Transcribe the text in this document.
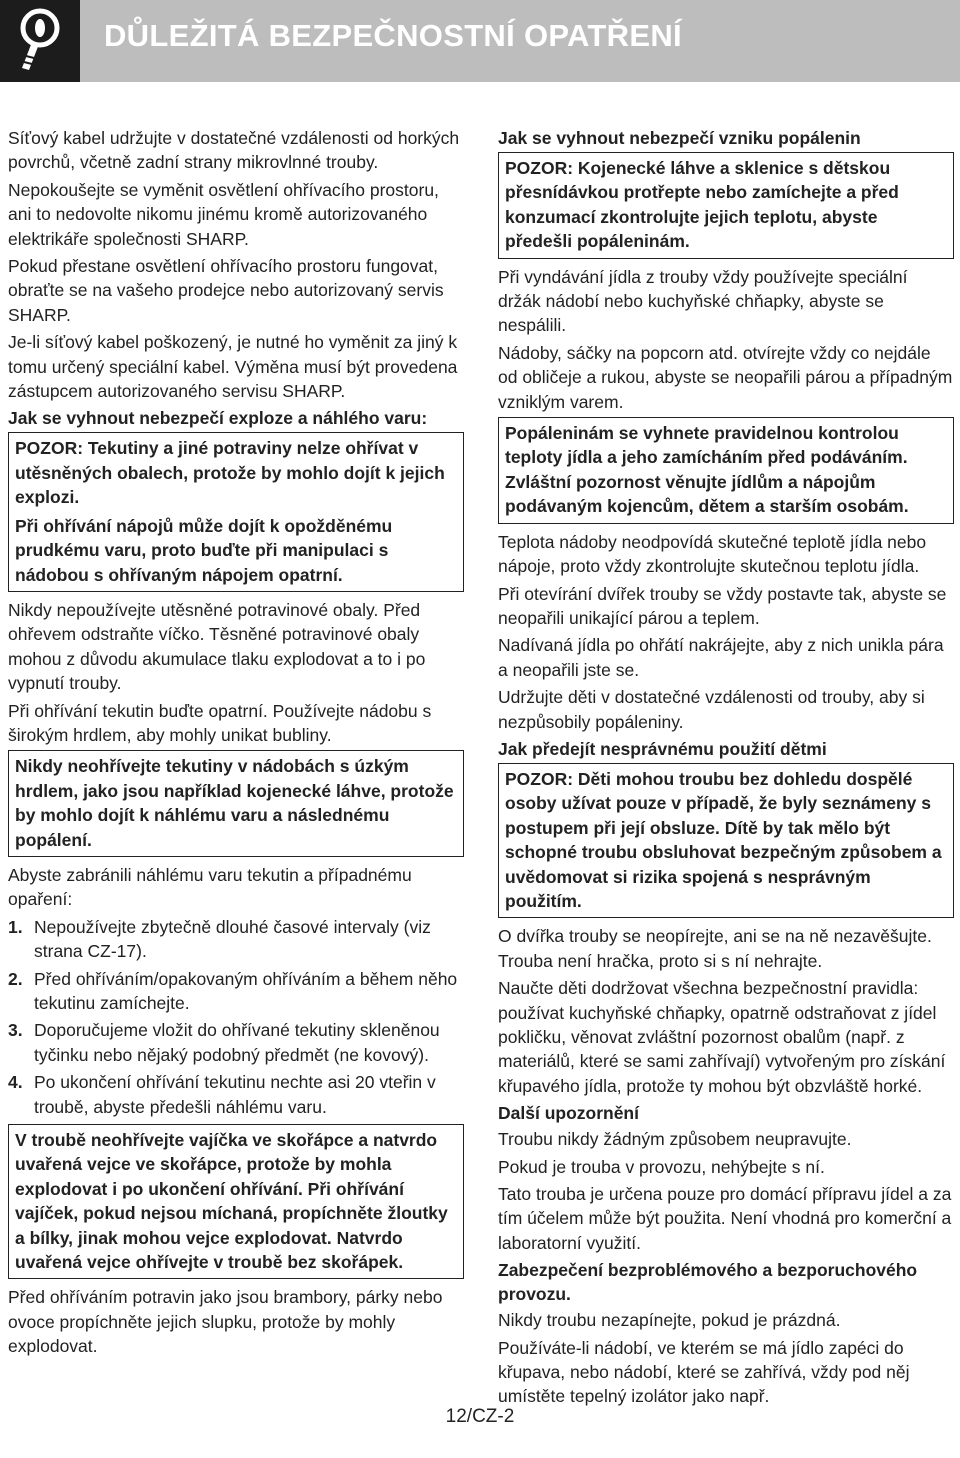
DŮLEŽITÁ BEZPEČNOSTNÍ OPATŘENÍ

Síťový kabel udržujte v dostatečné vzdálenosti od horkých povrchů, včetně zadní strany mikrovlnné trouby.

Nepokoušejte se vyměnit osvětlení ohřívacího prostoru, ani to nedovolte nikomu jinému kromě autorizovaného elektrikáře společnosti SHARP.

Pokud přestane osvětlení ohřívacího prostoru fungovat, obraťte se na vašeho prodejce nebo autorizovaný servis SHARP.

Je-li síťový kabel poškozený, je nutné ho vyměnit za jiný k tomu určený speciální kabel. Výměna musí být provedena zástupcem autorizovaného servisu SHARP.

Jak se vyhnout nebezpečí exploze a náhlého varu:

POZOR: Tekutiny a jiné potraviny nelze ohřívat v utěsněných obalech, protože by mohlo dojít k jejich explozi.

Při ohřívání nápojů může dojít k opožděnému prudkému varu, proto buďte při manipulaci s nádobou s ohřívaným nápojem opatrní.

Nikdy nepoužívejte utěsněné potravinové obaly. Před ohřevem odstraňte víčko. Těsněné potravinové obaly mohou z důvodu akumulace tlaku explodovat a to i po vypnutí trouby.

Při ohřívání tekutin buďte opatrní. Používejte nádobu s širokým hrdlem, aby mohly unikat bubliny.

Nikdy neohřívejte tekutiny v nádobách s úzkým hrdlem, jako jsou například kojenecké láhve, protože by mohlo dojít k náhlému varu a následnému popálení.

Abyste zabránili náhlému varu tekutin a případnému opaření:

1. Nepoužívejte zbytečně dlouhé časové intervaly (viz strana CZ-17).
2. Před ohříváním/opakovaným ohříváním a během něho tekutinu zamíchejte.
3. Doporučujeme vložit do ohřívané tekutiny skleněnou tyčinku nebo nějaký podobný předmět (ne kovový).
4. Po ukončení ohřívání tekutinu nechte asi 20 vteřin v troubě, abyste předešli náhlému varu.

V troubě neohřívejte vajíčka ve skořápce a natvrdo uvařená vejce ve skořápce, protože by mohla explodovat i po ukončení ohřívání. Při ohřívání vajíček, pokud nejsou míchaná, propíchněte žloutky a bílky, jinak mohou vejce explodovat. Natvrdo uvařená vejce ohřívejte v troubě bez skořápek.

Před ohříváním potravin jako jsou brambory, párky nebo ovoce propíchněte jejich slupku, protože by mohly explodovat.

Jak se vyhnout nebezpečí vzniku popálenin

POZOR: Kojenecké láhve a sklenice s dětskou přesnídávkou protřepte nebo zamíchejte a před konzumací zkontrolujte jejich teplotu, abyste předešli popáleninám.

Při vyndávání jídla z trouby vždy používejte speciální držák nádobí nebo kuchyňské chňapky, abyste se nespálili.

Nádoby, sáčky na popcorn atd. otvírejte vždy co nejdále od obličeje a rukou, abyste se neopařili párou a případným vzniklým varem.

Popáleninám se vyhnete pravidelnou kontrolou teploty jídla a jeho zamícháním před podáváním. Zvláštní pozornost věnujte jídlům a nápojům podávaným kojencům, dětem a starším osobám.

Teplota nádoby neodpovídá skutečné teplotě jídla nebo nápoje, proto vždy zkontrolujte skutečnou teplotu jídla.

Při otevírání dvířek trouby se vždy postavte tak, abyste se neopařili unikající párou a teplem.

Nadívaná jídla po ohřátí nakrájejte, aby z nich unikla pára a neopařili jste se.

Udržujte děti v dostatečné vzdálenosti od trouby, aby si nezpůsobily popáleniny.

Jak předejít nesprávnému použití dětmi

POZOR: Děti mohou troubu bez dohledu dospělé osoby užívat pouze v případě, že byly seznámeny s postupem při její obsluze. Dítě by tak mělo být schopné troubu obsluhovat bezpečným způsobem a uvědomovat si rizika spojená s nesprávným použitím.

O dvířka trouby se neopírejte, ani se na ně nezavěšujte. Trouba není hračka, proto si s ní nehrajte.

Naučte děti dodržovat všechna bezpečnostní pravidla: používat kuchyňské chňapky, opatrně odstraňovat z jídel pokličku, věnovat zvláštní pozornost obalům (např. z materiálů, které se sami zahřívají) vytvořeným pro získání křupavého jídla, protože ty mohou být obzvláště horké.

Další upozornění

Troubu nikdy žádným způsobem neupravujte.

Pokud je trouba v provozu, nehýbejte s ní.

Tato trouba je určena pouze pro domácí přípravu jídel a za tím účelem může být použita. Není vhodná pro komerční a laboratorní využití.

Zabezpečení bezproblémového a bezporuchového provozu.

Nikdy troubu nezapínejte, pokud je prázdná.

Používáte-li nádobí, ve kterém se má jídlo zapéci do křupava, nebo nádobí, které se zahřívá, vždy pod něj umístěte tepelný izolátor jako např.

12/CZ-2
